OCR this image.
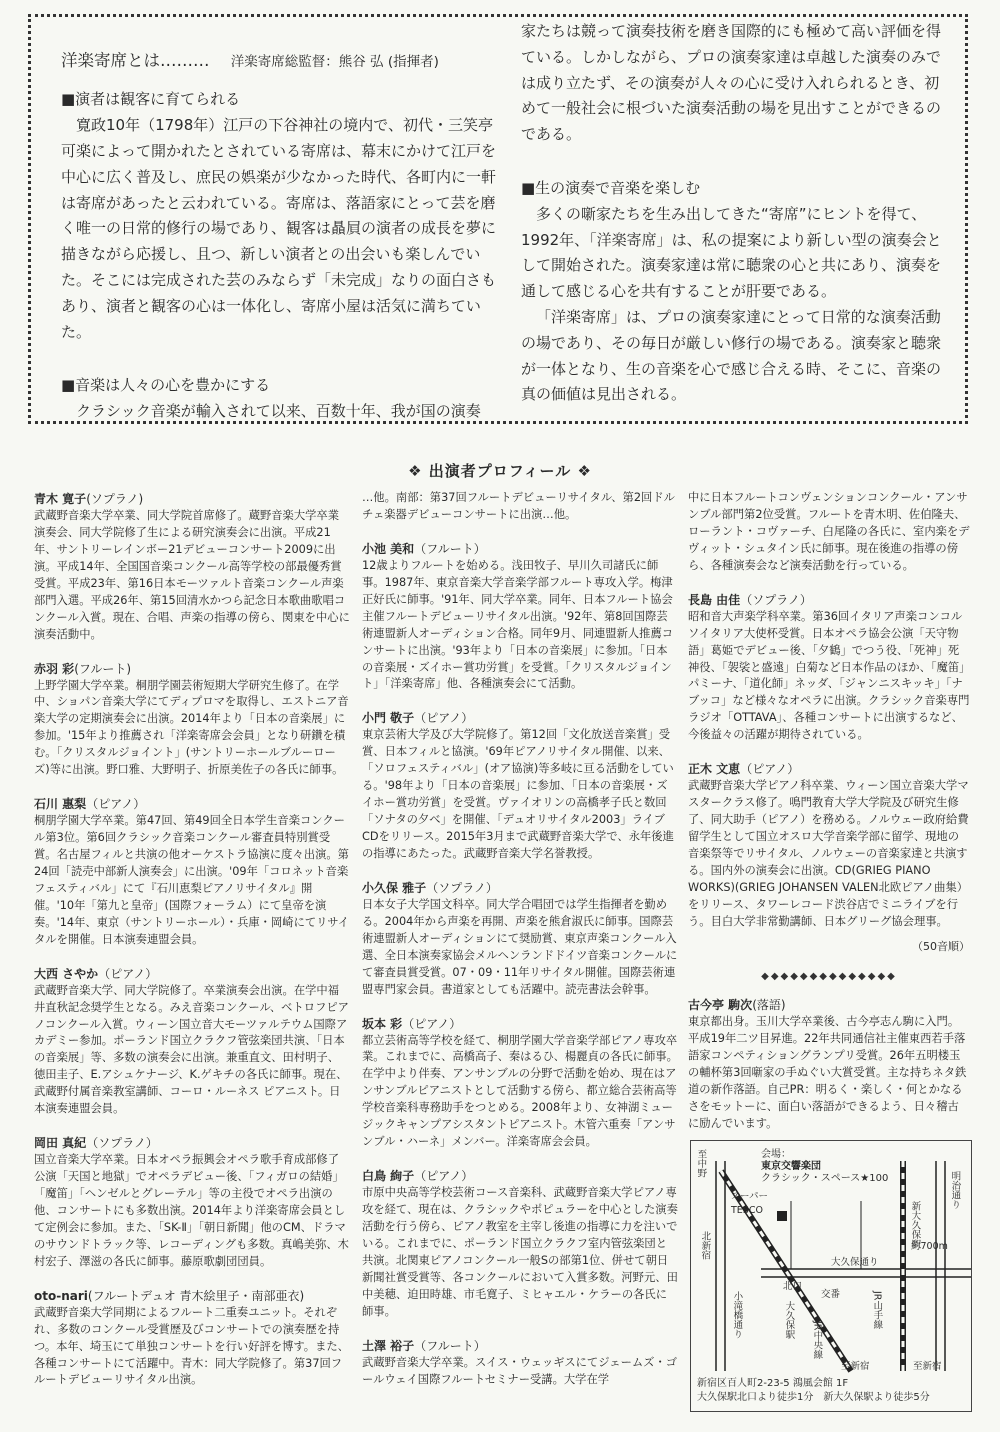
洋楽寄席とは……… 洋楽寄席総監督：熊谷 弘 (指揮者)

■演者は観客に育てられる

寛政10年（1798年）江戸の下谷神社の境内で、初代・三笑亭可楽によって開かれたとされている寄席は、幕末にかけて江戸を中心に広く普及し、庶民の娯楽が少なかった時代、各町内に一軒は寄席があったと云われている。寄席は、落語家にとって芸を磨く唯一の日常的修行の場であり、観客は贔屓の演者の成長を夢に描きながら応援し、且つ、新しい演者との出会いも楽しんでいた。そこには完成された芸のみならず「未完成」なりの面白さもあり、演者と観客の心は一体化し、寄席小屋は活気に満ちていた。

■音楽は人々の心を豊かにする

クラシック音楽が輸入されて以来、百数十年、我が国の演奏

家たちは競って演奏技術を磨き国際的にも極めて高い評価を得ている。しかしながら、プロの演奏家達は卓越した演奏のみでは成り立たず、その演奏が人々の心に受け入れられるとき、初めて一般社会に根づいた演奏活動の場を見出すことができるのである。

■生の演奏で音楽を楽しむ

多くの噺家たちを生み出してきた“寄席”にヒントを得て、1992年、「洋楽寄席」は、私の提案により新しい型の演奏会として開始された。演奏家達は常に聴衆の心と共にあり、演奏を通して感じる心を共有することが肝要である。

「洋楽寄席」は、プロの演奏家達にとって日常的な演奏活動の場であり、その毎日が厳しい修行の場である。演奏家と聴衆が一体となり、生の音楽を心で感じ合える時、そこに、音楽の真の価値は見出される。

❖ 出演者プロフィール ❖
青木 寛子(ソプラノ)

武蔵野音楽大学卒業、同大学院首席修了。蔵野音楽大学卒業演奏会、同大学院修了生による研究演奏会に出演。平成21年、サントリーレインボー21デビューコンサート2009に出演。平成14年、全国国音楽コンクール高等学校の部最優秀賞受賞。平成23年、第16日本モーツァルト音楽コンクール声楽部門入選。平成26年、第15回清水かつら記念日本歌曲歌唱コンクール入賞。現在、合唱、声楽の指導の傍ら、関東を中心に演奏活動中。

赤羽 彩(フルート)

上野学園大学卒業。桐朋学園芸術短期大学研究生修了。在学中、ショパン音楽大学にてディプロマを取得し、エストニア音楽大学の定期演奏会に出演。2014年より「日本の音楽展」に参加。'15年より推薦され「洋楽寄席会会員」となり研鑽を積む。「クリスタルジョイント」(サントリーホールブルーローズ)等に出演。野口雅、大野明子、折原美佐子の各氏に師事。

石川 惠梨（ピアノ）

桐朋学園大学卒業。第47回、第49回全日本学生音楽コンクール第3位。第6回クラシック音楽コンクール審査員特別賞受賞。名古屋フィルと共演の他オーケストラ協演に度々出演。第24回「読売中部新人演奏会」に出演。'09年「コロネット音楽フェスティバル」にて『石川恵梨ピアノリサイタル』開催。'10年「第九と皇帝」(国際フォーラム）にて皇帝を演奏。'14年、東京（サントリーホール）・兵庫・岡崎にてリサイタルを開催。日本演奏連盟会員。

大西 さやか（ピアノ）

武蔵野音楽大学、同大学院修了。卒業演奏会出演。在学中福井直秋記念奨学生となる。みえ音楽コンクール、ベトロフピアノコンクール入賞。ウィーン国立音大モーツァルテウム国際アカデミー参加。ポーランド国立クラクフ管弦楽団共演、「日本の音楽展」等、多数の演奏会に出演。兼重直文、田村明子、徳田圭子、E.アシュケナージ、K.ゲキチの各氏に師事。現在、武蔵野付属音楽教室講師、コーロ・ルーネス ピアニスト。日本演奏連盟会員。

岡田 真紀（ソプラノ）

国立音楽大学卒業。日本オペラ振興会オペラ歌手育成部修了公演「天国と地獄」でオペラデビュー後、「フィガロの結婚」「魔笛」「ヘンゼルとグレーテル」等の主役でオペラ出演の他、コンサートにも多数出演。2014年より洋楽寄席会員として定例会に参加。また、「SK-Ⅱ」「朝日新聞」他のCM、ドラマのサウンドトラック等、レコーディングも多数。真嶋美弥、木村宏子、澤滋の各氏に師事。藤原歌劇団団員。

oto-nari(フルートデュオ 青木絵里子・南部亜衣)

武蔵野音楽大学同期によるフルート二重奏ユニット。それぞれ、多数のコンクール受賞歴及びコンサートでの演奏歴を持つ。本年、埼玉にて単独コンサートを行い好評を博す。また、各種コンサートにて活躍中。青木：同大学院修了。第37回フルートデビューリサイタル出演。

…他。南部：第37回フルートデビューリサイタル、第2回ドルチェ楽器デビューコンサートに出演…他。

小池 美和（フルート）

12歳よりフルートを始める。浅田牧子、早川久司諸氏に師事。1987年、東京音楽大学音楽学部フルート専攻入学。梅津正好氏に師事。'91年、同大学卒業。同年、日本フルート協会主催フルートデビューリサイタル出演。'92年、第8回国際芸術連盟新人オーディション合格。同年9月、同連盟新人推薦コンサートに出演。'93年より「日本の音楽展」に参加。「日本の音楽展・ズイホー賞功労賞」を受賞。「クリスタルジョイント」「洋楽寄席」他、各種演奏会にて活動。

小門 敬子（ピアノ）

東京芸術大学及び大学院修了。第12回「文化放送音楽賞」受賞、日本フィルと協演。'69年ピアノリサイタル開催、以来、「ソロフェスティバル」(オア協演)等多岐に亘る活動をしている。'98年より「日本の音楽展」に参加、「日本の音楽展・ズイホー賞功労賞」を受賞。ヴァイオリンの高橋孝子氏と数回「ソナタの夕べ」を開催、「デュオリサイタル2003」ライブCDをリリース。2015年3月まで武蔵野音楽大学で、永年後進の指導にあたった。武蔵野音楽大学名誉教授。

小久保 雅子（ソプラノ）

日本女子大学国文科卒。同大学合唱団では学生指揮者を勤める。2004年から声楽を再開、声楽を熊倉淑氏に師事。国際芸術連盟新人オーディションにて奨励賞、東京声楽コンクール入選、全日本演奏家協会メルヘンランドドイツ音楽コンクールにて審査員賞受賞。07・09・11年リサイタル開催。国際芸術連盟専門家会員。書道家としても活躍中。読売書法会幹事。

坂本 彩（ピアノ）

都立芸術高等学校を経て、桐朋学園大学音楽学部ピアノ専攻卒業。これまでに、高橋高子、秦はるひ、楊麗貞の各氏に師事。在学中より伴奏、アンサンブルの分野で活動を始め、現在はアンサンブルピアニストとして活動する傍ら、都立総合芸術高等学校音楽科専務助手をつとめる。2008年より、女神湖ミュージックキャンプアシスタントピアニスト。木管六重奏「アンサンブル・ハーネ」メンバー。洋楽寄席会会員。

白鳥 絢子（ピアノ）

市原中央高等学校芸術コース音楽科、武蔵野音楽大学ピアノ専攻を経て、現在は、クラシックやポピュラーを中心とした演奏活動を行う傍ら、ピアノ教室を主宰し後進の指導に力を注いでいる。これまでに、ポーランド国立クラクフ室内管弦楽団と共演。北関東ピアノコンクール一般Sの部第1位、併せて朝日新聞社賞受賞等、各コンクールにおいて入賞多数。河野元、田中美穂、迫田時雄、市毛寛子、ミヒャエル・ケラーの各氏に師事。

土澤 裕子（フルート）

武蔵野音楽大学卒業。スイス・ウェッギスにてジェームズ・ゴールウェイ国際フルートセミナー受講。大学在学

中に日本フルートコンヴェンションコンクール・アンサンブル部門第2位受賞。フルートを青木明、佐伯隆夫、ローラント・コヴァーチ、白尾隆の各氏に、室内楽をデヴィット・シュタイン氏に師事。現在後進の指導の傍ら、各種演奏会など演奏活動を行っている。

長島 由佳（ソプラノ）

昭和音大声楽学科卒業。第36回イタリア声楽コンコルソイタリア大使杯受賞。日本オペラ協会公演「天守物語」葛姫でデビュー後、「夕鶴」でつう役、「死神」死神役、「袈裟と盛遠」白菊など日本作品のほか、「魔笛」パミーナ、「道化師」ネッダ、「ジャンニスキッキ」「ナブッコ」など様々なオペラに出演。クラシック音楽専門ラジオ「OTTAVA」、各種コンサートに出演するなど、今後益々の活躍が期待されている。

正木 文恵（ピアノ）

武蔵野音楽大学ピアノ科卒業、ウィーン国立音楽大学マスタークラス修了。鳴門教育大学大学院及び研究生修了、同大助手（ピアノ）を務める。ノルウェー政府給費留学生として国立オスロ大学音楽学部に留学、現地の音楽祭等でリサイタル、ノルウェーの音楽家達と共演する。国内外の演奏会に出演。CD(GRIEG PIANO WORKS)(GRIEG JOHANSEN VALEN北欧ピアノ曲集）をリリース、タワーレコード渋谷店でミニライブを行う。目白大学非常勤講師、日本グリーグ協会理事。

（50音順）
◆◆◆◆◆◆◆◆◆◆◆◆◆◆
古今亭 駒次(落語)

東京都出身。玉川大学卒業後、古今亭志ん駒に入門。平成19年二ツ目昇進。22年共同通信社主催東西若手落語家コンペティショングランプリ受賞。26年五明楼玉の輔杯第3回噺家の手ぬぐい大賞受賞。主な持ちネタ鉄道の新作落語。自己PR：明るく・楽しく・何とかなるさをモットーに、面白い落語ができるよう、日々稽古に励んでいます。

会場：
東京交響楽団
クラシック・スペース★100
至中野
明治通り
北新宿
スーパー
TESCO
大久保通り
新大久保駅
約700m
北口
小滝橋通り	大久保駅	JR山手線
JR中央線
交番
至新宿	至新宿
新宿区百人町2-23-5 鴻風会館 1F
大久保駅北口より徒歩1分　新大久保駅より徒歩5分
